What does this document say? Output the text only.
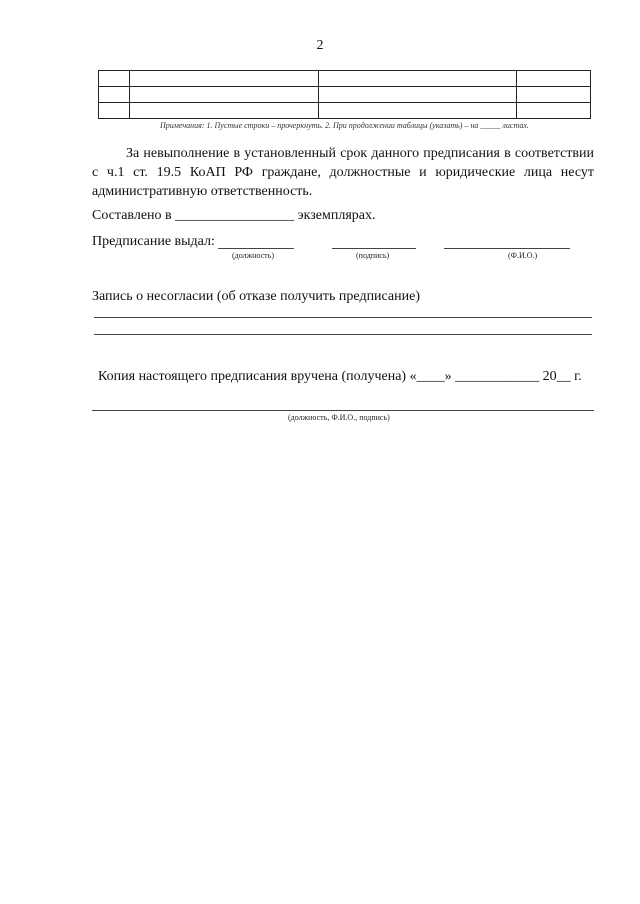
2

Примечания: 1. Пустые строки – прочеркнуть. 2. При продолжении таблицы (указать) – на _____ листах.
За невыполнение в установленный срок данного предписания в соответствии с ч.1 ст. 19.5 КоАП РФ граждане, должностные и юридические лица несут административную ответственность.
Составлено в _________________ экземплярах.
Предписание выдал:
(должность)	(подпись)	(Ф.И.О.)
Запись о несогласии (об отказе получить предписание)
Копия настоящего предписания вручена (получена) «____» ____________ 20__ г.
(должность, Ф.И.О., подпись)
